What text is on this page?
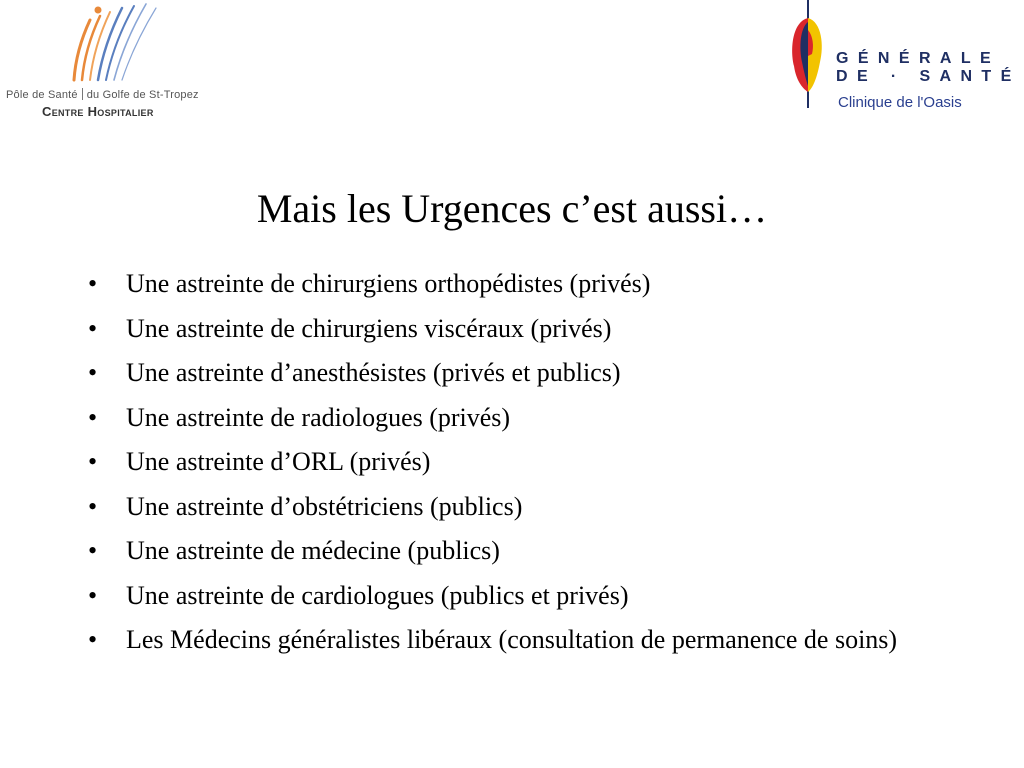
Pôle de Santé du Golfe de St-Tropez
Centre Hospitalier
GÉNÉRALE
DE · SANTÉ
Clinique de l'Oasis
Mais les Urgences c’est aussi…
• Une astreinte de chirurgiens orthopédistes (privés)
• Une astreinte de chirurgiens viscéraux (privés)
• Une astreinte d’anesthésistes (privés et publics)
• Une astreinte de radiologues (privés)
• Une astreinte d’ORL (privés)
• Une astreinte d’obstétriciens (publics)
• Une astreinte de médecine (publics)
• Une astreinte de cardiologues (publics et privés)
• Les Médecins généralistes libéraux (consultation de permanence de soins)
